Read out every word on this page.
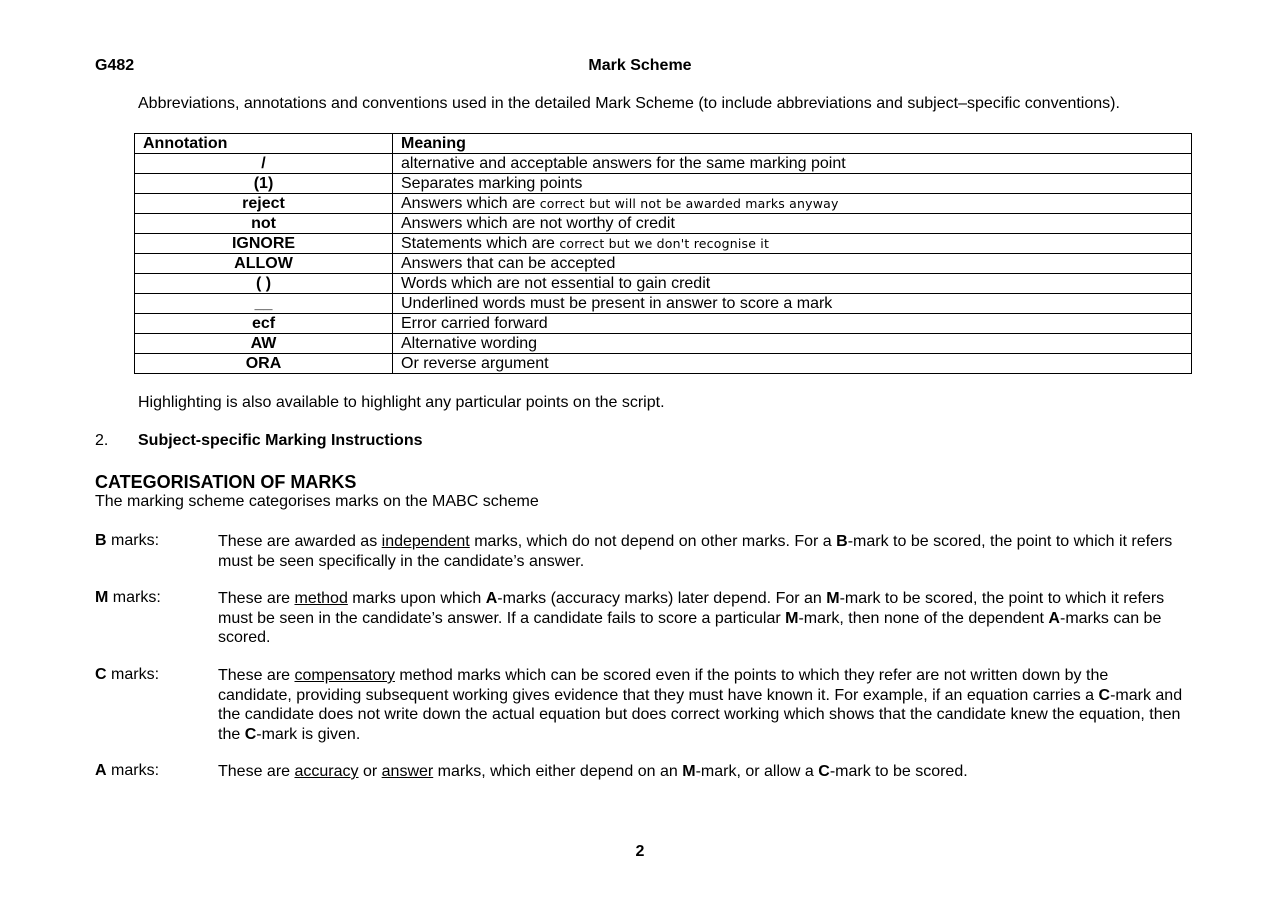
G482	Mark Scheme
Abbreviations, annotations and conventions used in the detailed Mark Scheme (to include abbreviations and subject–specific conventions).
Annotation	Meaning
/	alternative and acceptable answers for the same marking point
(1)	Separates marking points
reject	Answers which are correct but will not be awarded marks anyway
not	Answers which are not worthy of credit
IGNORE	Statements which are correct but we don't recognise it
ALLOW	Answers that can be accepted
( )	Words which are not essential to gain credit
__	Underlined words must be present in answer to score a mark
ecf	Error carried forward
AW	Alternative wording
ORA	Or reverse argument
Highlighting is also available to highlight any particular points on the script.
2. Subject-specific Marking Instructions
CATEGORISATION OF MARKS
The marking scheme categorises marks on the MABC scheme
B marks:	These are awarded as independent marks, which do not depend on other marks. For a B-mark to be scored, the point to which it refers must be seen specifically in the candidate’s answer.
M marks:	These are method marks upon which A-marks (accuracy marks) later depend. For an M-mark to be scored, the point to which it refers must be seen in the candidate’s answer. If a candidate fails to score a particular M-mark, then none of the dependent A-marks can be scored.
C marks:	These are compensatory method marks which can be scored even if the points to which they refer are not written down by the candidate, providing subsequent working gives evidence that they must have known it. For example, if an equation carries a C-mark and the candidate does not write down the actual equation but does correct working which shows that the candidate knew the equation, then the C-mark is given.
A marks:	These are accuracy or answer marks, which either depend on an M-mark, or allow a C-mark to be scored.
2
